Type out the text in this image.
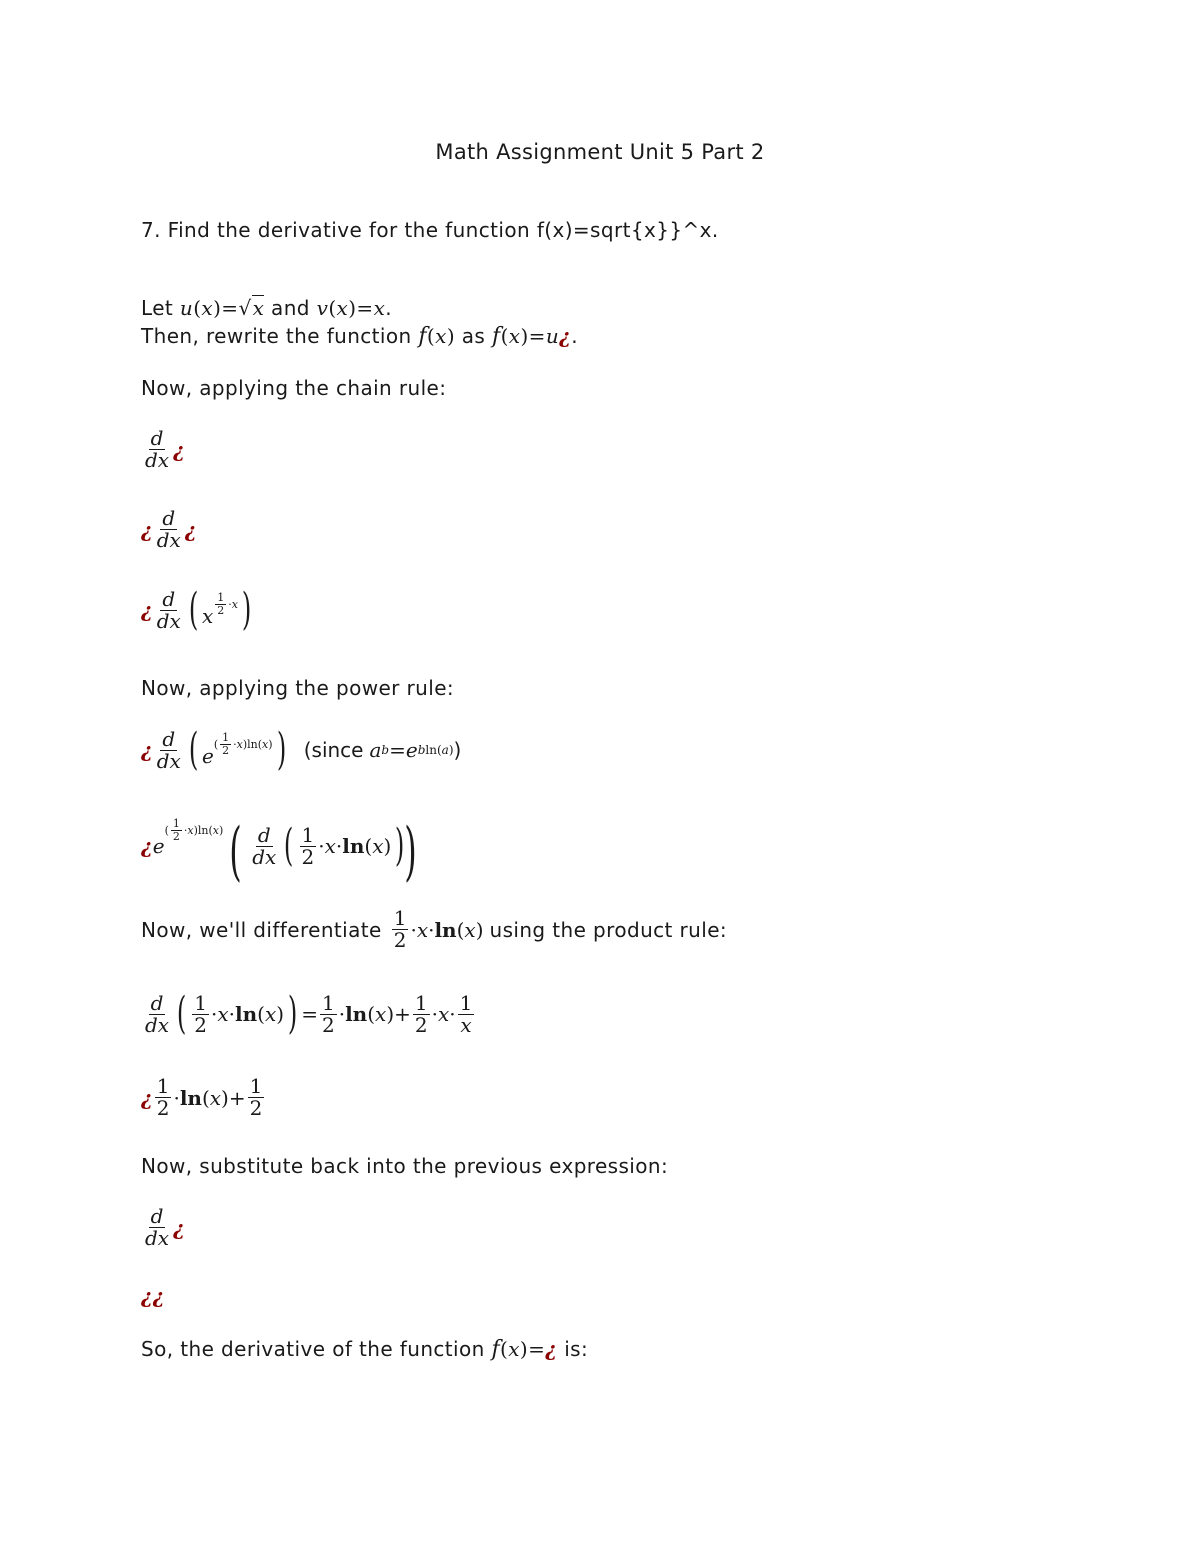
Math Assignment Unit 5 Part 2
7. Find the derivative for the function f(x)=sqrt{x}}^x.
Let u(x)=√x and v(x)=x.
Then, rewrite the function f(x) as f(x)=u¿.
Now, applying the chain rule:
$\frac{d}{dx}$ ¿
¿ $\frac{d}{dx}$ ¿
¿ $\frac{d}{dx}$ ( x $\frac{1}{2} \cdot x$ )
Now, applying the power rule:
¿ $\frac{d}{dx}$ ( e ( $\frac{1}{2} \cdot x$ )ln( x ) ) (since a b = e bln(a) )
¿ e
( $\frac{1}{2} \cdot x$ )ln( x ) ( $\frac{d}{dx}$ ( $\frac{1}{2} \cdot x \cdot \ln$ ( x ) ) )
Now, we'll differentiate $\frac{1}{2} \cdot x \cdot \ln$ ( x ) using the product rule:
$\frac{d}{dx}$ ( $\frac{1}{2} \cdot x \cdot \ln$ ( x ) ) = $\frac{1}{2} \cdot \ln$ ( x )+ $\frac{1}{2} \cdot x \cdot \frac{1}{x}$
¿ $\frac{1}{2} \cdot \ln$ ( x )+ $\frac{1}{2}$
Now, substitute back into the previous expression:
$\frac{d}{dx}$ ¿
¿ ¿
So, the derivative of the function f(x)=¿ is:
